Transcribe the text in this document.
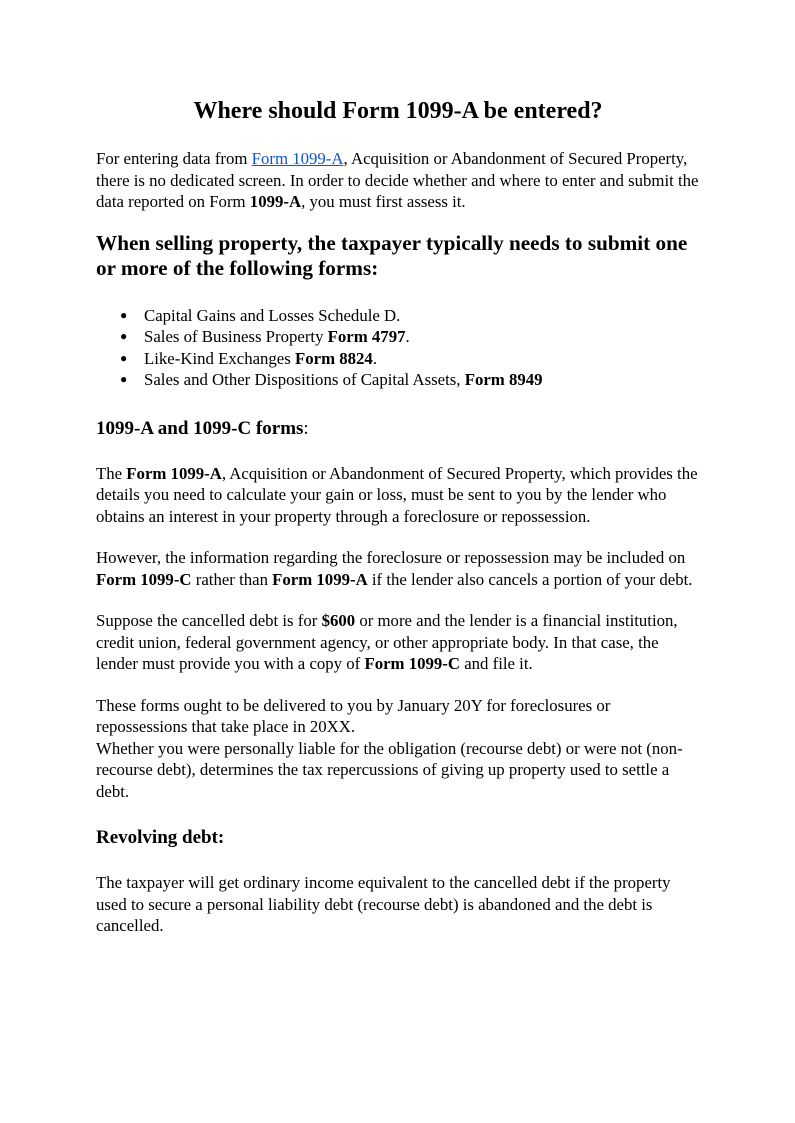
Where should Form 1099-A be entered?

For entering data from Form 1099-A, Acquisition or Abandonment of Secured Property, there is no dedicated screen. In order to decide whether and where to enter and submit the data reported on Form 1099-A, you must first assess it.

When selling property, the taxpayer typically needs to submit one or more of the following forms:
● Capital Gains and Losses Schedule D.
● Sales of Business Property Form 4797.
● Like-Kind Exchanges Form 8824.
● Sales and Other Dispositions of Capital Assets, Form 8949
1099-A and 1099-C forms:

The Form 1099-A, Acquisition or Abandonment of Secured Property, which provides the details you need to calculate your gain or loss, must be sent to you by the lender who obtains an interest in your property through a foreclosure or repossession.

However, the information regarding the foreclosure or repossession may be included on Form 1099-C rather than Form 1099-A if the lender also cancels a portion of your debt.

Suppose the cancelled debt is for $600 or more and the lender is a financial institution, credit union, federal government agency, or other appropriate body. In that case, the lender must provide you with a copy of Form 1099-C and file it.

These forms ought to be delivered to you by January 20Y for foreclosures or repossessions that take place in 20XX.

Whether you were personally liable for the obligation (recourse debt) or were not (non-recourse debt), determines the tax repercussions of giving up property used to settle a debt.

Revolving debt:

The taxpayer will get ordinary income equivalent to the cancelled debt if the property used to secure a personal liability debt (recourse debt) is abandoned and the debt is cancelled.
